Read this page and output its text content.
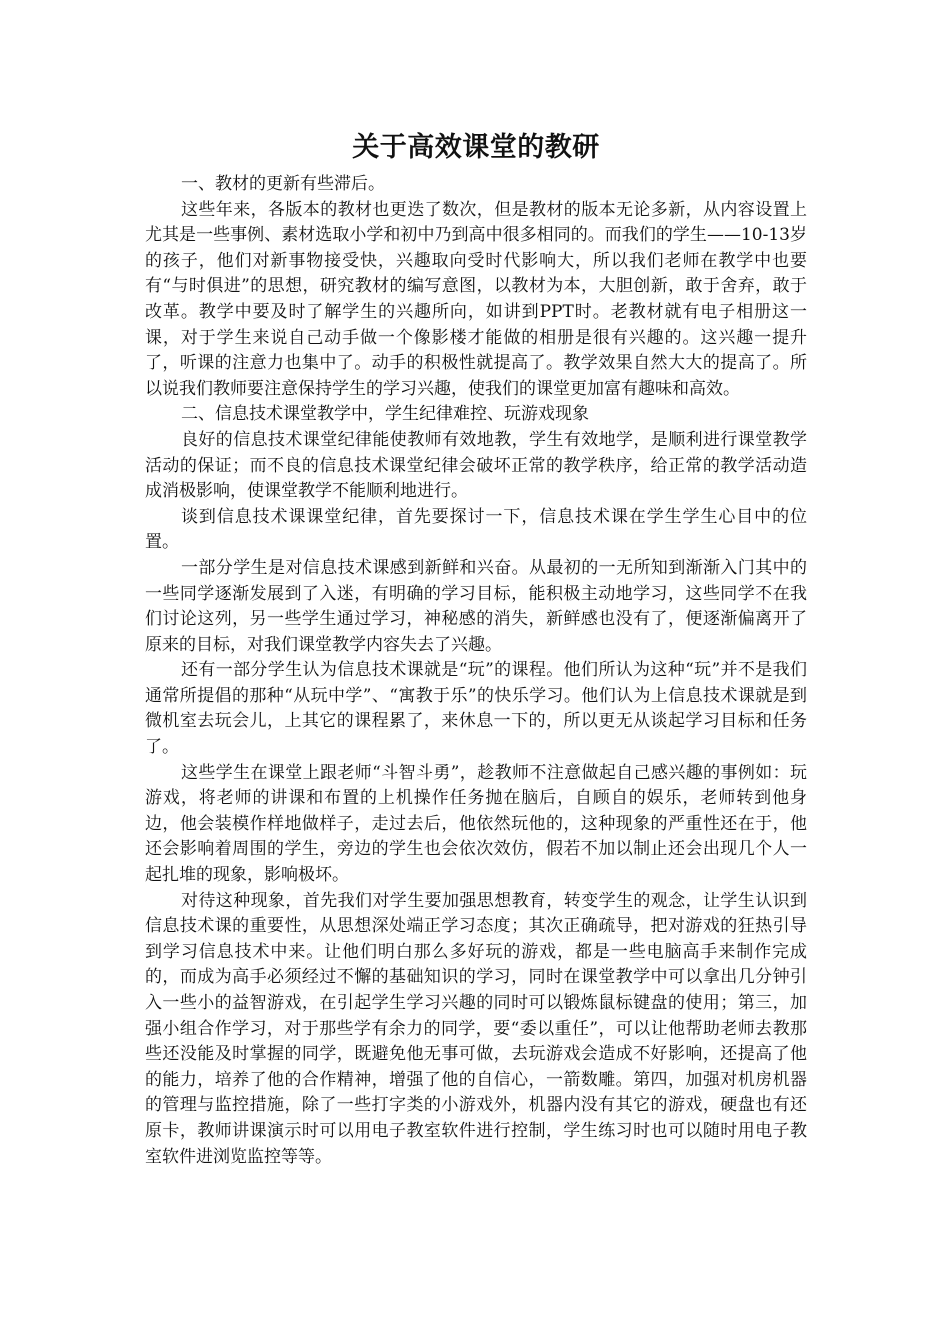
关于高效课堂的教研

一、教材的更新有些滞后。

这些年来，各版本的教材也更迭了数次，但是教材的版本无论多新，从内容设置上尤其是一些事例、素材选取小学和初中乃到高中很多相同的。而我们的学生——10-13岁的孩子，他们对新事物接受快，兴趣取向受时代影响大，所以我们老师在教学中也要有“与时俱进”的思想，研究教材的编写意图，以教材为本，大胆创新，敢于舍弃，敢于改革。教学中要及时了解学生的兴趣所向，如讲到PPT时。老教材就有电子相册这一课，对于学生来说自己动手做一个像影楼才能做的相册是很有兴趣的。这兴趣一提升了，听课的注意力也集中了。动手的积极性就提高了。教学效果自然大大的提高了。所以说我们教师要注意保持学生的学习兴趣，使我们的课堂更加富有趣味和高效。

二、信息技术课堂教学中，学生纪律难控、玩游戏现象

良好的信息技术课堂纪律能使教师有效地教，学生有效地学，是顺利进行课堂教学活动的保证；而不良的信息技术课堂纪律会破坏正常的教学秩序，给正常的教学活动造成消极影响，使课堂教学不能顺利地进行。

谈到信息技术课课堂纪律，首先要探讨一下，信息技术课在学生学生心目中的位置。

一部分学生是对信息技术课感到新鲜和兴奋。从最初的一无所知到渐渐入门其中的一些同学逐渐发展到了入迷，有明确的学习目标，能积极主动地学习，这些同学不在我们讨论这列，另一些学生通过学习，神秘感的消失，新鲜感也没有了，便逐渐偏离开了原来的目标，对我们课堂教学内容失去了兴趣。

还有一部分学生认为信息技术课就是“玩”的课程。他们所认为这种“玩”并不是我们通常所提倡的那种“从玩中学”、“寓教于乐”的快乐学习。他们认为上信息技术课就是到微机室去玩会儿，上其它的课程累了，来休息一下的，所以更无从谈起学习目标和任务了。

这些学生在课堂上跟老师“斗智斗勇”，趁教师不注意做起自己感兴趣的事例如：玩游戏，将老师的讲课和布置的上机操作任务抛在脑后，自顾自的娱乐，老师转到他身边，他会装模作样地做样子，走过去后，他依然玩他的，这种现象的严重性还在于，他还会影响着周围的学生，旁边的学生也会依次效仿，假若不加以制止还会出现几个人一起扎堆的现象，影响极坏。

对待这种现象，首先我们对学生要加强思想教育，转变学生的观念，让学生认识到信息技术课的重要性，从思想深处端正学习态度；其次正确疏导，把对游戏的狂热引导到学习信息技术中来。让他们明白那么多好玩的游戏，都是一些电脑高手来制作完成的，而成为高手必须经过不懈的基础知识的学习，同时在课堂教学中可以拿出几分钟引入一些小的益智游戏，在引起学生学习兴趣的同时可以锻炼鼠标键盘的使用；第三，加强小组合作学习，对于那些学有余力的同学，要“委以重任”，可以让他帮助老师去教那些还没能及时掌握的同学，既避免他无事可做，去玩游戏会造成不好影响，还提高了他的能力，培养了他的合作精神，增强了他的自信心，一箭数雕。第四，加强对机房机器的管理与监控措施，除了一些打字类的小游戏外，机器内没有其它的游戏，硬盘也有还原卡，教师讲课演示时可以用电子教室软件进行控制，学生练习时也可以随时用电子教室软件进浏览监控等等。
